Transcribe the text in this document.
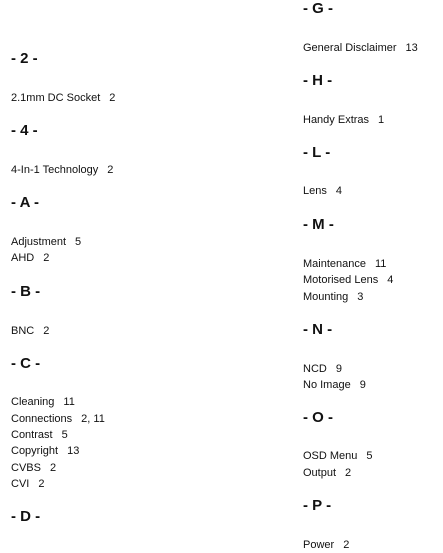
- 2 -
2.1mm DC Socket 2
- 4 -
4-In-1 Technology 2
- A -
Adjustment 5
AHD 2
- B -
BNC 2
- C -
Cleaning 11
Connections 2, 11
Contrast 5
Copyright 13
CVBS 2
CVI 2
- D -
- G -
General Disclaimer 13
- H -
Handy Extras 1
- L -
Lens 4
- M -
Maintenance 11
Motorised Lens 4
Mounting 3
- N -
NCD 9
No Image 9
- O -
OSD Menu 5
Output 2
- P -
Power 2
